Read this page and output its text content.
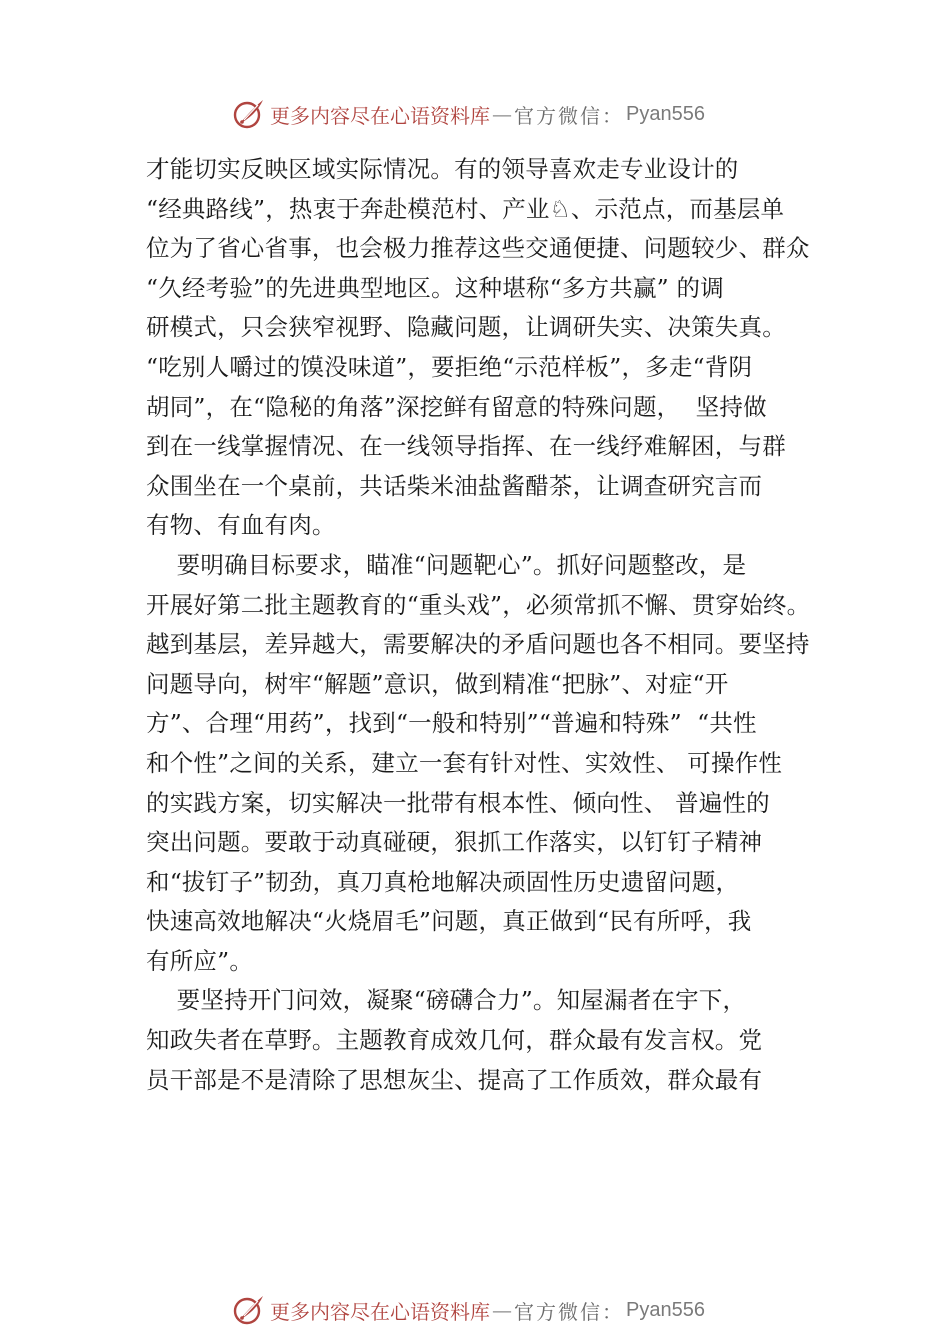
更多内容尽在心语资料库 — 官方微信： Pyan556
才能切实反映区域实际情况。有的领导喜欢走专业设计的
“经典路线”，热衷于奔赴模范村、产业♘、示范点，而基层单
位为了省心省事，也会极力推荐这些交通便捷、问题较少、群众
“久经考验”的先进典型地区。这种堪称“多方共赢” 的调
研模式，只会狭窄视野、隐藏问题，让调研失实、决策失真。
“吃别人嚼过的馍没味道”，要拒绝“示范样板”，多走“背阴
胡同”，在“隐秘的角落”深挖鲜有留意的特殊问题，  坚持做
到在一线掌握情况、在一线领导指挥、在一线纾难解困，与群
众围坐在一个桌前，共话柴米油盐酱醋茶，让调查研究言而
有物、有血有肉。
要明确目标要求，瞄准“问题靶心”。抓好问题整改，是
开展好第二批主题教育的“重头戏”，必须常抓不懈、贯穿始终。
越到基层，差异越大，需要解决的矛盾问题也各不相同。要坚持
问题导向，树牢“解题”意识，做到精准“把脉”、对症“开
方”、合理“用药”，找到“一般和特别”“普遍和特殊”  “共性
和个性”之间的关系，建立一套有针对性、实效性、 可操作性
的实践方案，切实解决一批带有根本性、倾向性、 普遍性的
突出问题。要敢于动真碰硬，狠抓工作落实，以钉钉子精神
和“拔钉子”韧劲，真刀真枪地解决顽固性历史遗留问题，
快速高效地解决“火烧眉毛”问题，真正做到“民有所呼，我
有所应”。
要坚持开门问效，凝聚“磅礴合力”。知屋漏者在宇下，
知政失者在草野。主题教育成效几何，群众最有发言权。党
员干部是不是清除了思想灰尘、提高了工作质效，群众最有
更多内容尽在心语资料库 — 官方微信： Pyan556
